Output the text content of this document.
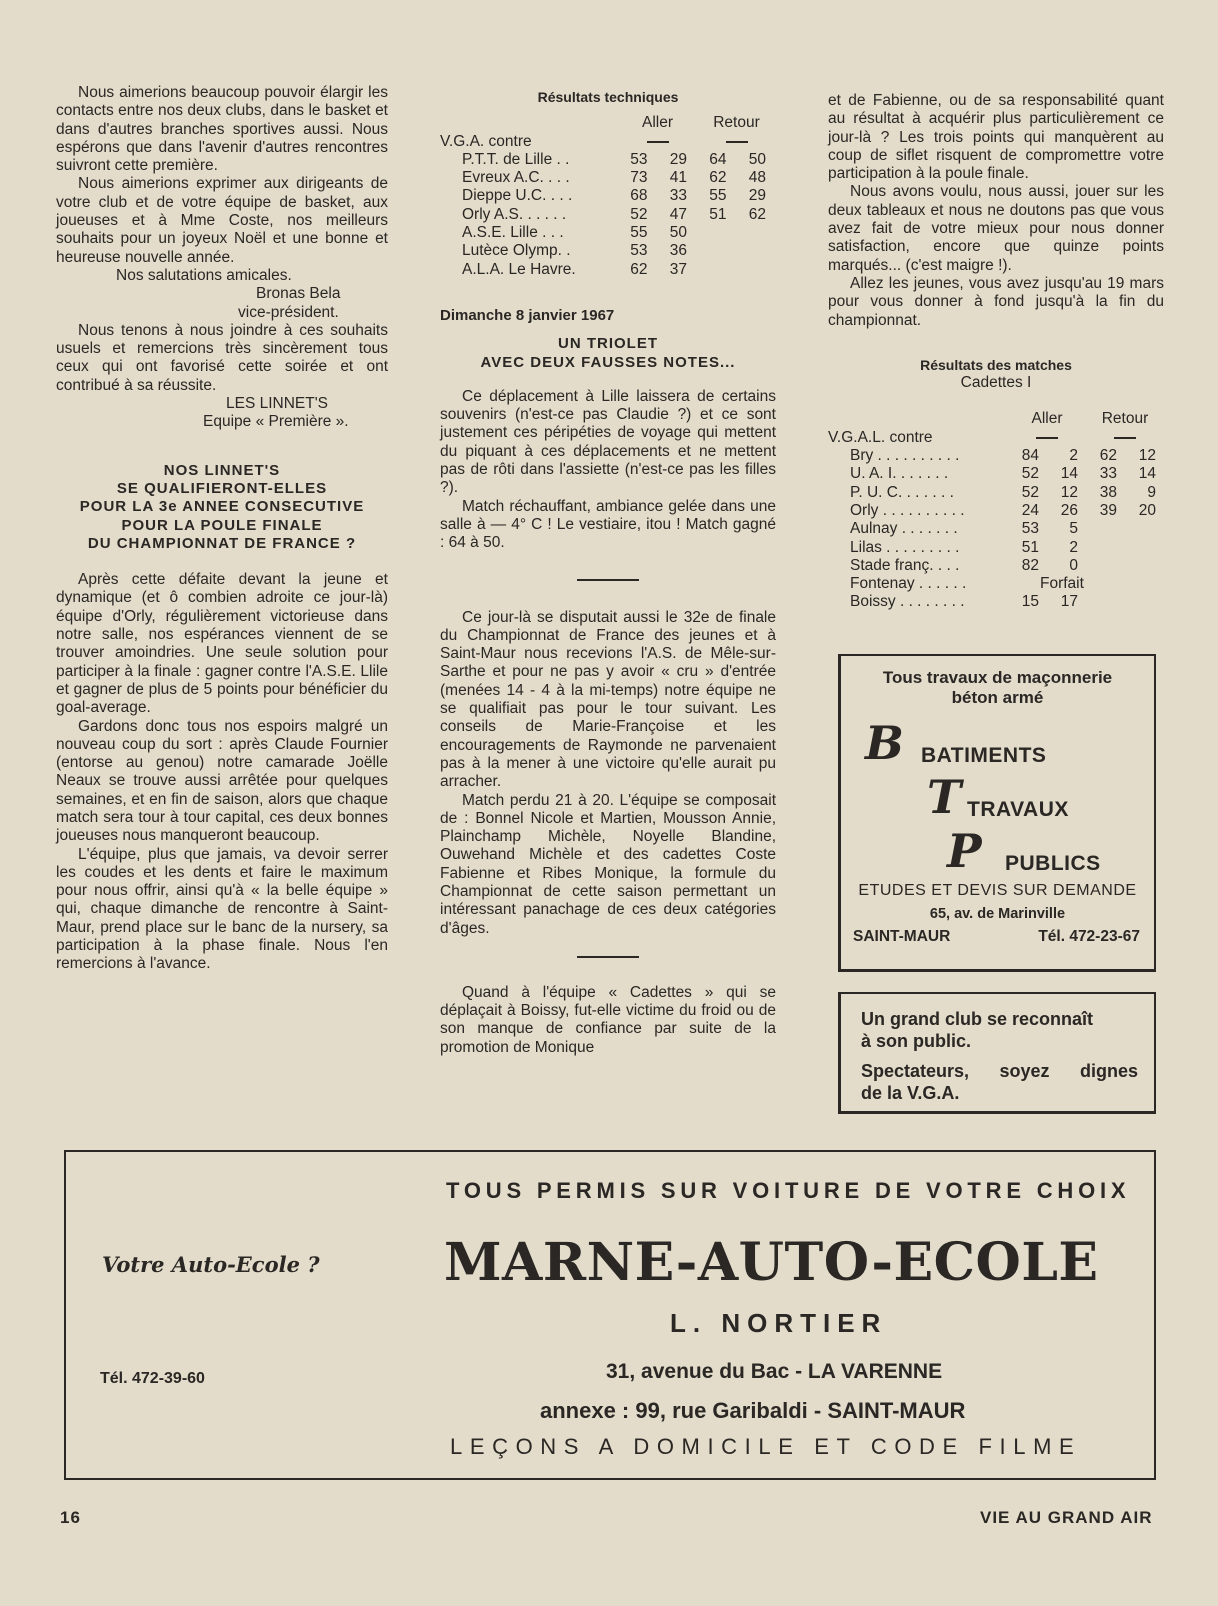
Nous aimerions beaucoup pouvoir élargir les contacts entre nos deux clubs, dans le basket et dans d'autres branches sportives aussi. Nous espérons que dans l'avenir d'autres rencontres suivront cette première.

Nous aimerions exprimer aux dirigeants de votre club et de votre équipe de basket, aux joueuses et à Mme Coste, nos meilleurs souhaits pour un joyeux Noël et une bonne et heureuse nouvelle année.

Nos salutations amicales.

Bronas Bela
vice-président.

Nous tenons à nous joindre à ces souhaits usuels et remercions très sincèrement tous ceux qui ont favorisé cette soirée et ont contribué à sa réussite.

LES LINNET'S
Equipe « Première ».
NOS LINNET'S
SE QUALIFIERONT-ELLES
POUR LA 3e ANNEE CONSECUTIVE
POUR LA POULE FINALE
DU CHAMPIONNAT DE FRANCE ?

Après cette défaite devant la jeune et dynamique (et ô combien adroite ce jour-là) équipe d'Orly, régulièrement victorieuse dans notre salle, nos espérances viennent de se trouver amoindries. Une seule solution pour participer à la finale : gagner contre l'A.S.E. Llile et gagner de plus de 5 points pour bénéficier du goal-average.

Gardons donc tous nos espoirs malgré un nouveau coup du sort : après Claude Fournier (entorse au genou) notre camarade Joëlle Neaux se trouve aussi arrêtée pour quelques semaines, et en fin de saison, alors que chaque match sera tour à tour capital, ces deux bonnes joueuses nous manqueront beaucoup.

L'équipe, plus que jamais, va devoir serrer les coudes et les dents et faire le maximum pour nous offrir, ainsi qu'à « la belle équipe » qui, chaque dimanche de rencontre à Saint-Maur, prend place sur le banc de la nursery, sa participation à la phase finale. Nous l'en remercions à l'avance.

Résultats techniques
	Aller		Retour	
V.G.A. contre				
P.T.T. de Lille . .	53	29	64	50
Evreux A.C. . . .	73	41	62	48
Dieppe U.C. . . .	68	33	55	29
Orly A.S. . . . . .	52	47	51	62
A.S.E. Lille . . .	55	50		
Lutèce Olymp. .	53	36		
A.L.A. Le Havre.	62	37		
Dimanche 8 janvier 1967
UN TRIOLET
AVEC DEUX FAUSSES NOTES...

Ce déplacement à Lille laissera de certains souvenirs (n'est-ce pas Claudie ?) et ce sont justement ces péripéties de voyage qui mettent du piquant à ces déplacements et ne mettent pas de rôti dans l'assiette (n'est-ce pas les filles ?).

Match réchauffant, ambiance gelée dans une salle à — 4° C ! Le vestiaire, itou ! Match gagné : 64 à 50.

Ce jour-là se disputait aussi le 32e de finale du Championnat de France des jeunes et à Saint-Maur nous recevions l'A.S. de Mêle-sur-Sarthe et pour ne pas y avoir « cru » d'entrée (menées 14 - 4 à la mi-temps) notre équipe ne se qualifiait pas pour le tour suivant. Les conseils de Marie-Françoise et les encouragements de Raymonde ne parvenaient pas à la mener à une victoire qu'elle aurait pu arracher.

Match perdu 21 à 20. L'équipe se composait de : Bonnel Nicole et Martien, Mousson Annie, Plainchamp Michèle, Noyelle Blandine, Ouwehand Michèle et des cadettes Coste Fabienne et Ribes Monique, la formule du Championnat de cette saison permettant un intéressant panachage de ces deux catégories d'âges.

Quand à l'équipe « Cadettes » qui se déplaçait à Boissy, fut-elle victime du froid ou de son manque de confiance par suite de la promotion de Monique

et de Fabienne, ou de sa responsabilité quant au résultat à acquérir plus particulièrement ce jour-là ? Les trois points qui manquèrent au coup de siflet risquent de compromettre votre participation à la poule finale.

Nous avons voulu, nous aussi, jouer sur les deux tableaux et nous ne doutons pas que vous avez fait de votre mieux pour nous donner satisfaction, encore que quinze points marqués... (c'est maigre !).

Allez les jeunes, vous avez jusqu'au 19 mars pour vous donner à fond jusqu'à la fin du championnat.

Résultats des matches
Cadettes I
	Aller		Retour	
V.G.A.L. contre				
Bry . . . . . . . . . .	84	2	62	12
U. A. I. . . . . . .	52	14	33	14
P. U. C. . . . . . .	52	12	38	9
Orly . . . . . . . . . .	24	26	39	20
Aulnay . . . . . . .	53	5		
Lilas . . . . . . . . .	51	2		
Stade franç. . . .	82	0		
Fontenay . . . . . .	Forfait			
Boissy . . . . . . . .	15	17		
Tous travaux de maçonnerie
béton armé
B BATIMENTS
T TRAVAUX
P PUBLICS
ETUDES ET DEVIS SUR DEMANDE
65, av. de Marinville
SAINT-MAUR	Tél. 472-23-67
Un grand club se reconnaît
à son public.
Spectateurs, soyez dignes
de la V.G.A.
TOUS PERMIS SUR VOITURE DE VOTRE CHOIX
Votre Auto-Ecole ? MARNE-AUTO-ECOLE
L. NORTIER
31, avenue du Bac - LA VARENNE
annexe : 99, rue Garibaldi - SAINT-MAUR
Tél. 472-39-60
LEÇONS A DOMICILE ET CODE FILME
16	VIE AU GRAND AIR
